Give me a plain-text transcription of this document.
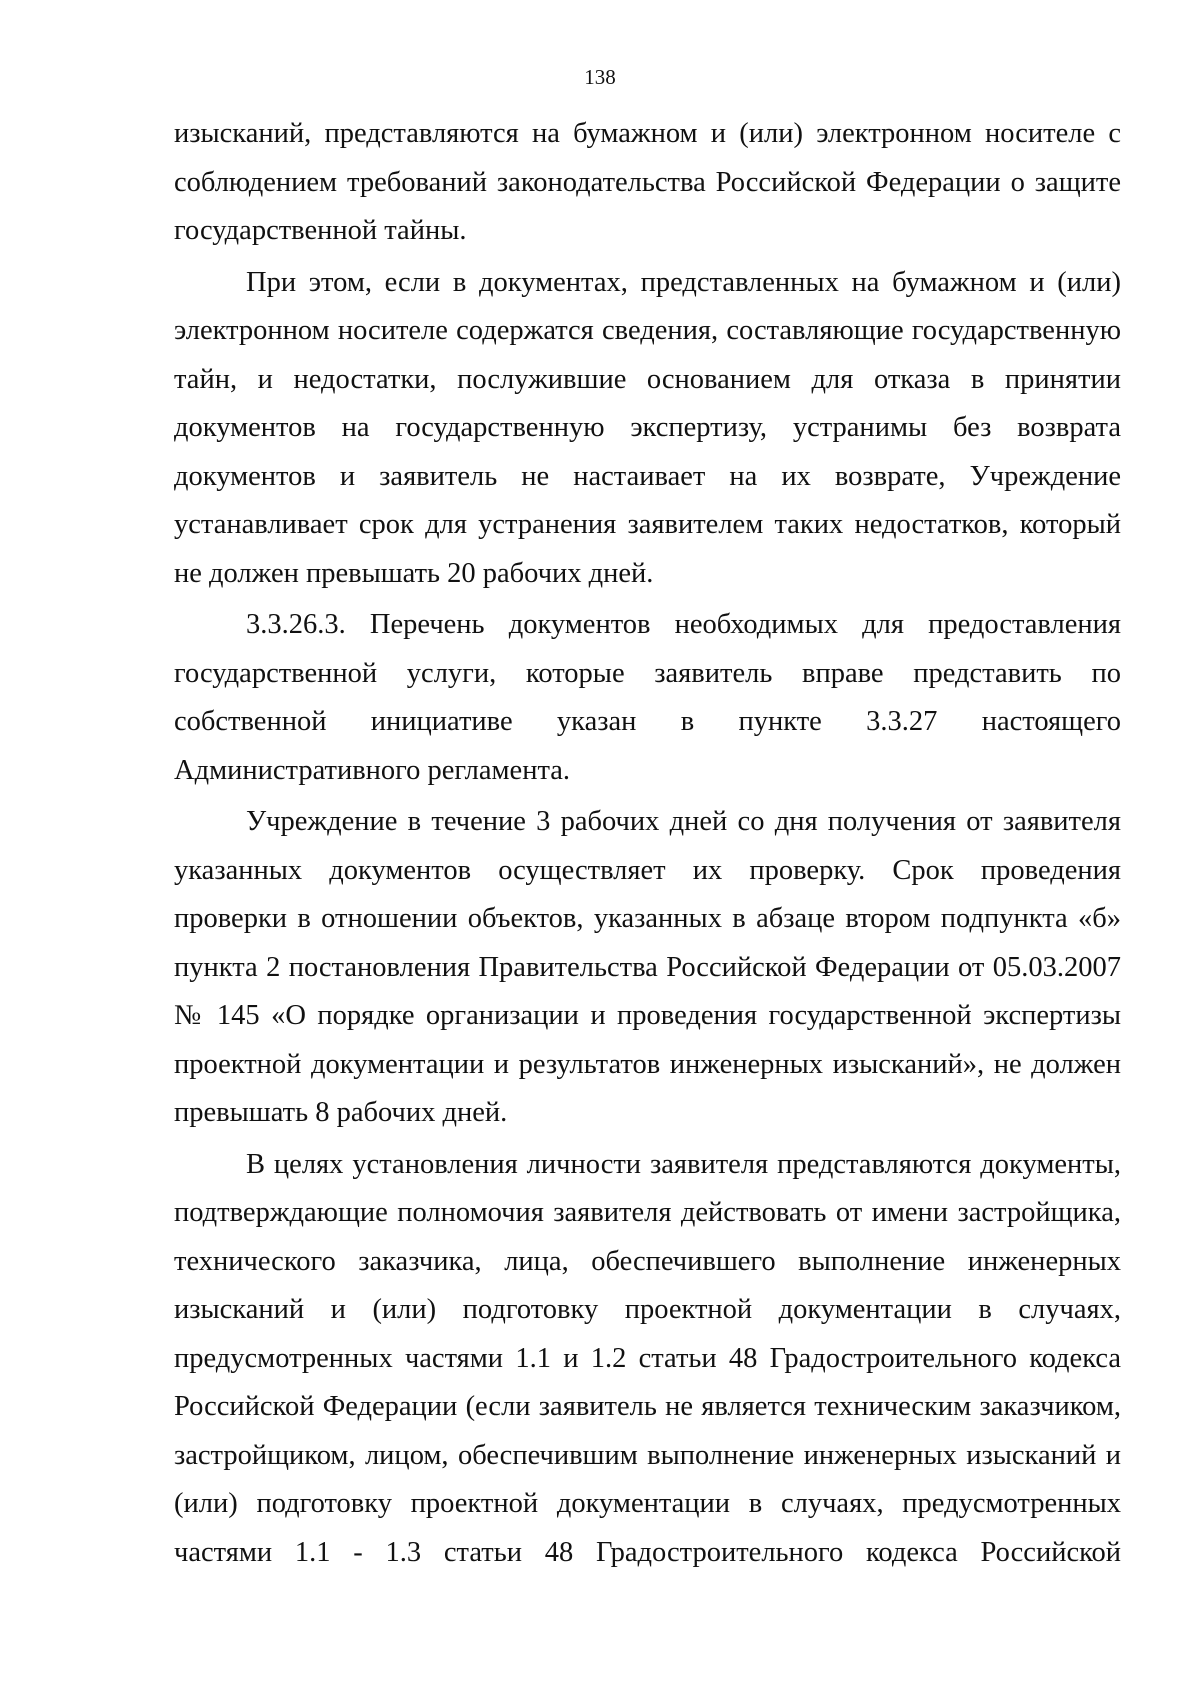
138

изысканий, представляются на бумажном и (или) электронном носителе с
соблюдением требований законодательства Российской Федерации о защите
государственной тайны.

При этом, если в документах, представленных на бумажном и (или)
электронном носителе содержатся сведения, составляющие государственную
тайн, и недостатки, послужившие основанием для отказа в принятии
документов на государственную экспертизу, устранимы без возврата
документов и заявитель не настаивает на их возврате, Учреждение
устанавливает срок для устранения заявителем таких недостатков, который
не должен превышать 20 рабочих дней.

3.3.26.3. Перечень документов необходимых для предоставления
государственной услуги, которые заявитель вправе представить по
собственной инициативе указан в пункте 3.3.27 настоящего
Административного регламента.

Учреждение в течение 3 рабочих дней со дня получения от заявителя
указанных документов осуществляет их проверку. Срок проведения
проверки в отношении объектов, указанных в абзаце втором подпункта «б»
пункта 2 постановления Правительства Российской Федерации от 05.03.2007
№ 145 «О порядке организации и проведения государственной экспертизы
проектной документации и результатов инженерных изысканий», не должен
превышать 8 рабочих дней.

В целях установления личности заявителя представляются документы,
подтверждающие полномочия заявителя действовать от имени застройщика,
технического заказчика, лица, обеспечившего выполнение инженерных
изысканий и (или) подготовку проектной документации в случаях,
предусмотренных частями 1.1 и 1.2 статьи 48 Градостроительного кодекса
Российской Федерации (если заявитель не является техническим заказчиком,
застройщиком, лицом, обеспечившим выполнение инженерных изысканий и
(или) подготовку проектной документации в случаях, предусмотренных
частями 1.1 - 1.3 статьи 48 Градостроительного кодекса Российской
